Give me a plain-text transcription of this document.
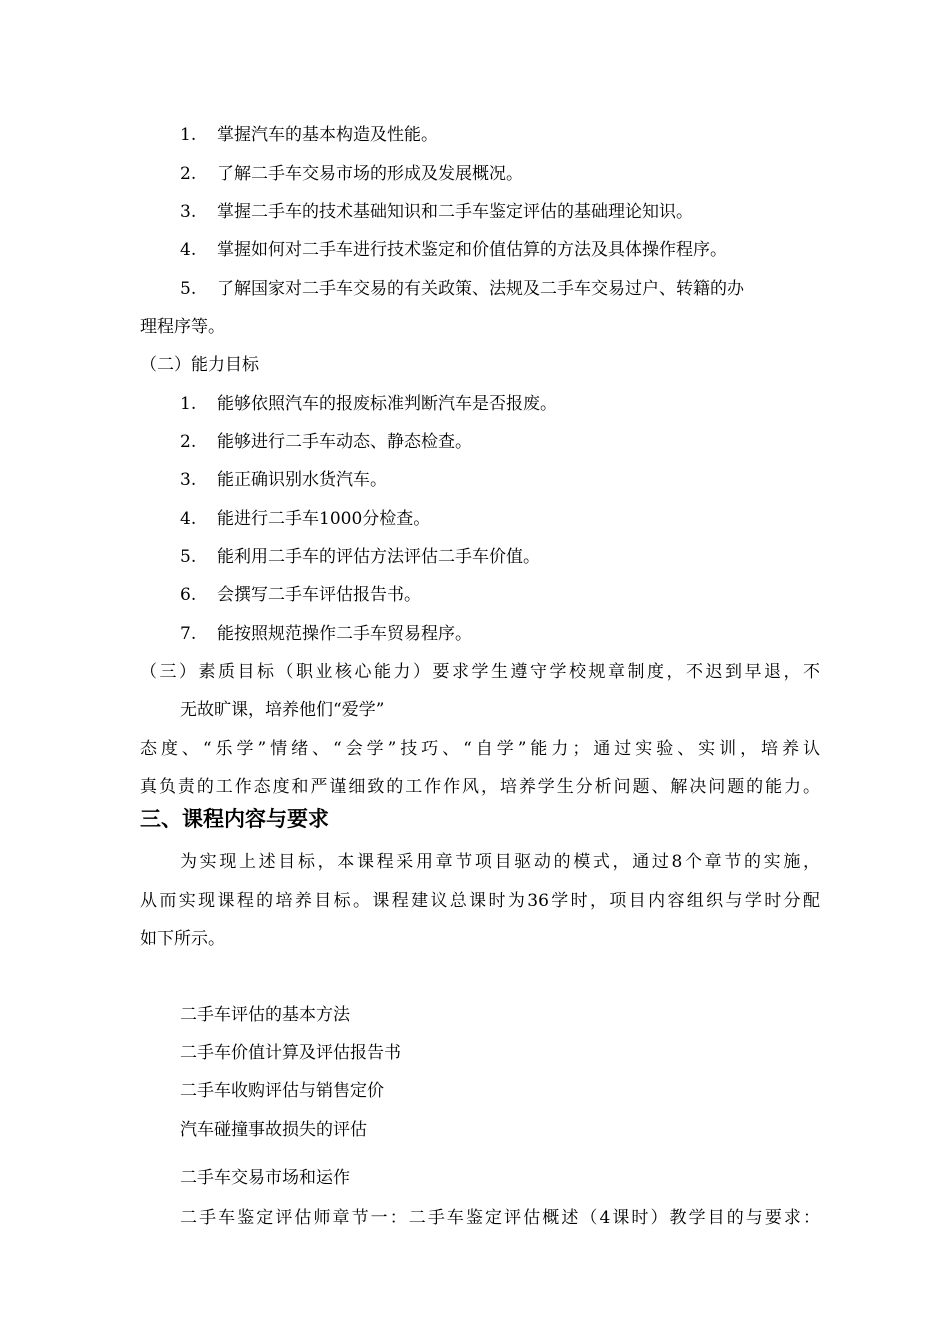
1. 掌握汽车的基本构造及性能。
2. 了解二手车交易市场的形成及发展概况。
3. 掌握二手车的技术基础知识和二手车鉴定评估的基础理论知识。
4. 掌握如何对二手车进行技术鉴定和价值估算的方法及具体操作程序。
5. 了解国家对二手车交易的有关政策、法规及二手车交易过户、转籍的办
理程序等。
（二）能力目标
1. 能够依照汽车的报废标准判断汽车是否报废。
2. 能够进行二手车动态、静态检查。
3. 能正确识别水货汽车。
4. 能进行二手车1000分检查。
5. 能利用二手车的评估方法评估二手车价值。
6. 会撰写二手车评估报告书。
7. 能按照规范操作二手车贸易程序。
（三）素质目标（职业核心能力）要求学生遵守学校规章制度，不迟到早退，不
无故旷课，培养他们“爱学”
态度、“乐学”情绪、“会学”技巧、“自学”能力；通过实验、实训，培养认
真负责的工作态度和严谨细致的工作作风，培养学生分析问题、解决问题的能力。
三、课程内容与要求
为实现上述目标，本课程采用章节项目驱动的模式，通过8个章节的实施，
从而实现课程的培养目标。课程建议总课时为36学时，项目内容组织与学时分配
如下所示。
二手车评估的基本方法
二手车价值计算及评估报告书
二手车收购评估与销售定价
汽车碰撞事故损失的评估
二手车交易市场和运作
二手车鉴定评估师章节一：二手车鉴定评估概述（4课时）教学目的与要求：
